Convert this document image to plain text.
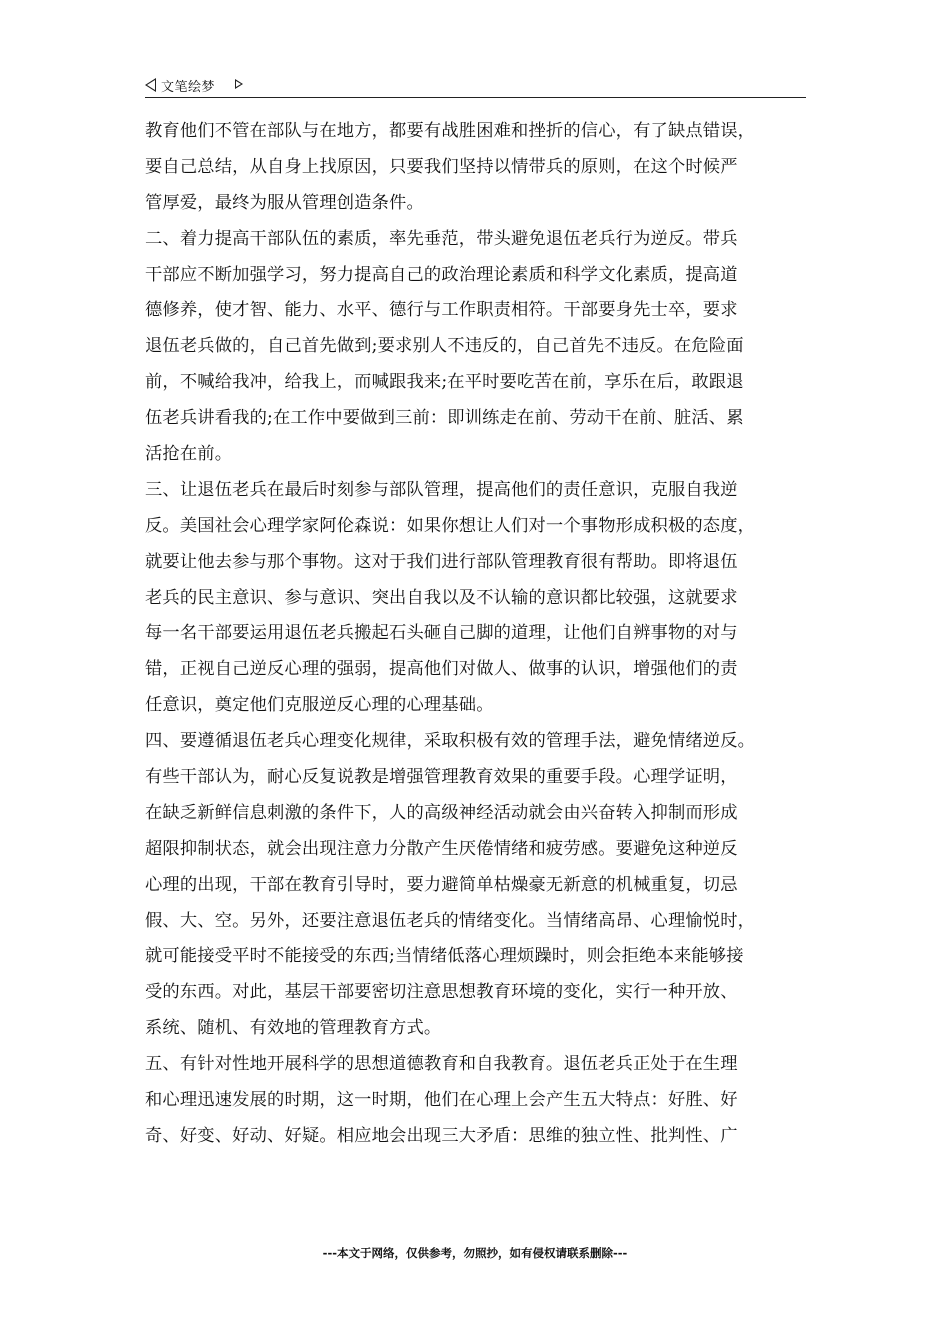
文笔绘梦
教育他们不管在部队与在地方，都要有战胜困难和挫折的信心，有了缺点错误，
要自己总结，从自身上找原因，只要我们坚持以情带兵的原则，在这个时候严
管厚爱，最终为服从管理创造条件。
二、着力提高干部队伍的素质，率先垂范，带头避免退伍老兵行为逆反。带兵
干部应不断加强学习，努力提高自己的政治理论素质和科学文化素质，提高道
德修养，使才智、能力、水平、德行与工作职责相符。干部要身先士卒，要求
退伍老兵做的，自己首先做到;要求别人不违反的，自己首先不违反。在危险面
前，不喊给我冲，给我上，而喊跟我来;在平时要吃苦在前，享乐在后，敢跟退
伍老兵讲看我的;在工作中要做到三前：即训练走在前、劳动干在前、脏活、累
活抢在前。
三、让退伍老兵在最后时刻参与部队管理，提高他们的责任意识，克服自我逆
反。美国社会心理学家阿伦森说：如果你想让人们对一个事物形成积极的态度，
就要让他去参与那个事物。这对于我们进行部队管理教育很有帮助。即将退伍
老兵的民主意识、参与意识、突出自我以及不认输的意识都比较强，这就要求
每一名干部要运用退伍老兵搬起石头砸自己脚的道理，让他们自辨事物的对与
错，正视自己逆反心理的强弱，提高他们对做人、做事的认识，增强他们的责
任意识，奠定他们克服逆反心理的心理基础。
四、要遵循退伍老兵心理变化规律，采取积极有效的管理手法，避免情绪逆反。
有些干部认为，耐心反复说教是增强管理教育效果的重要手段。心理学证明，
在缺乏新鲜信息刺激的条件下，人的高级神经活动就会由兴奋转入抑制而形成
超限抑制状态，就会出现注意力分散产生厌倦情绪和疲劳感。要避免这种逆反
心理的出现，干部在教育引导时，要力避简单枯燥豪无新意的机械重复，切忌
假、大、空。另外，还要注意退伍老兵的情绪变化。当情绪高昂、心理愉悦时，
就可能接受平时不能接受的东西;当情绪低落心理烦躁时，则会拒绝本来能够接
受的东西。对此，基层干部要密切注意思想教育环境的变化，实行一种开放、
系统、随机、有效地的管理教育方式。
五、有针对性地开展科学的思想道德教育和自我教育。退伍老兵正处于在生理
和心理迅速发展的时期，这一时期，他们在心理上会产生五大特点：好胜、好
奇、好变、好动、好疑。相应地会出现三大矛盾：思维的独立性、批判性、广
---本文于网络，仅供参考，勿照抄，如有侵权请联系删除---
